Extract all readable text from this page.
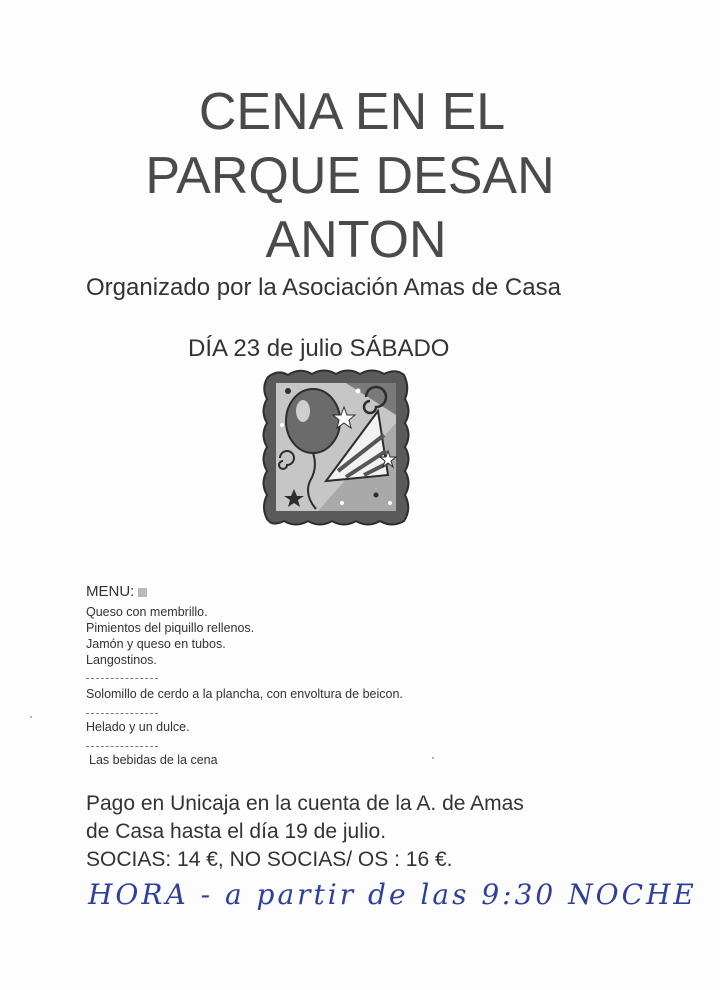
CENA EN EL
PARQUE DESAN
ANTON
Organizado por la Asociación Amas de Casa
DÍA 23 de julio SÁBADO
MENU:
Queso con membrillo.
Pimientos del piquillo rellenos.
Jamón y queso en tubos.
Langostinos.
Solomillo de cerdo a la plancha, con envoltura de beicon.
Helado y un dulce.
Las bebidas de la cena
Pago en Unicaja en la cuenta de la A. de Amas
de Casa hasta el día 19 de julio.
SOCIAS: 14 €, NO SOCIAS/ OS : 16 €.
HORA - a partir de las 9:30 NOCHE
